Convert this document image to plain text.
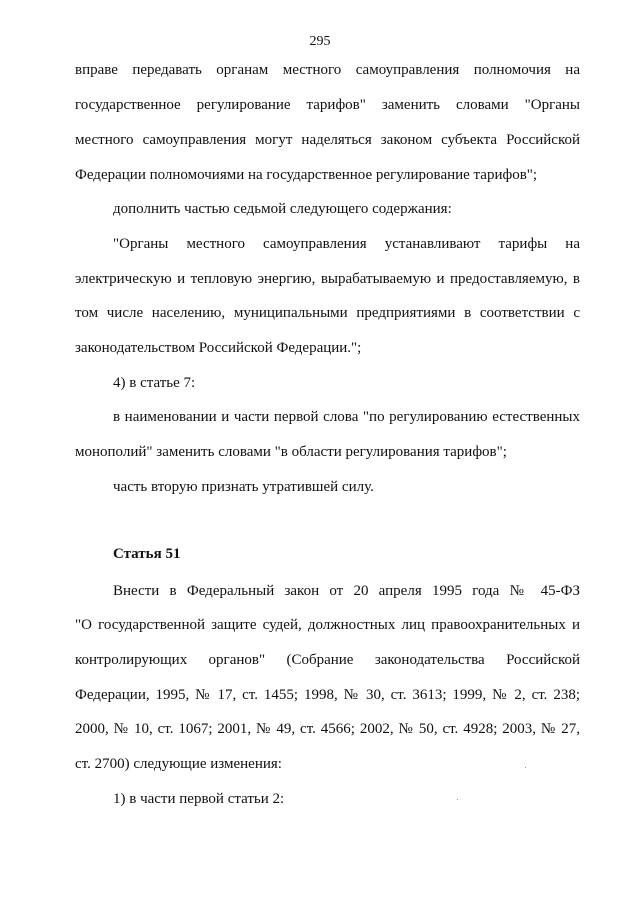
295
вправе передавать органам местного самоуправления полномочия на
государственное регулирование тарифов" заменить словами "Органы
местного самоуправления могут наделяться законом субъекта Российской
Федерации полномочиями на государственное регулирование тарифов";
дополнить частью седьмой следующего содержания:
"Органы местного самоуправления устанавливают тарифы на
электрическую и тепловую энергию, вырабатываемую и предоставляемую, в
том числе населению, муниципальными предприятиями в соответствии с
законодательством Российской Федерации.";
4) в статье 7:
в наименовании и части первой слова "по регулированию естественных
монополий" заменить словами "в области регулирования тарифов";
часть вторую признать утратившей силу.
Статья 51
Внести в Федеральный закон от 20 апреля 1995 года № 45-ФЗ
"О государственной защите судей, должностных лиц правоохранительных и
контролирующих органов" (Собрание законодательства Российской
Федерации, 1995, № 17, ст. 1455; 1998, № 30, ст. 3613; 1999, № 2, ст. 238;
2000, № 10, ст. 1067; 2001, № 49, ст. 4566; 2002, № 50, ст. 4928; 2003, № 27,
ст. 2700) следующие изменения:
1) в части первой статьи 2:
